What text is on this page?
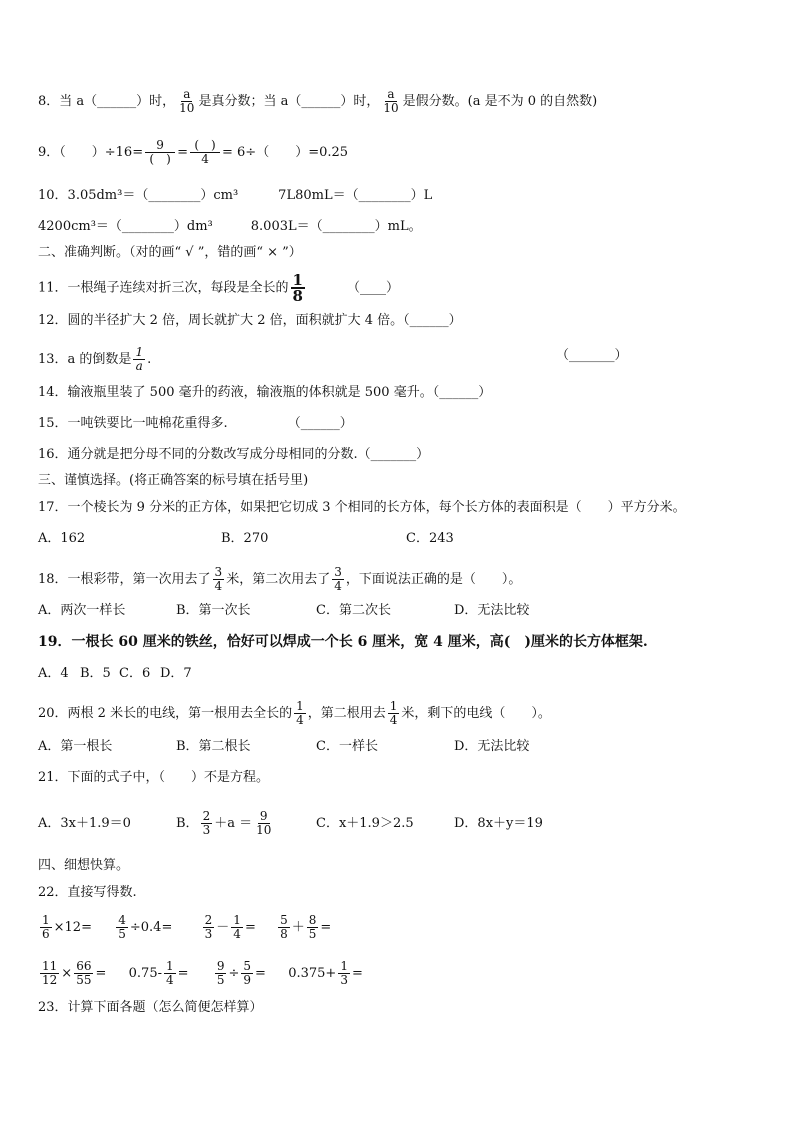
8．当 a（______）时， $\frac{a}{10}$ 是真分数；当 a（______）时， $\frac{a}{10}$ 是假分数。(a 是不为 0 的自然数)
9．（　　）$\div 16= \frac{9}{( )} = \frac{( )}{4} = 6\div$（　　）=0.25
10．3.05dm³＝（________）cm³	7L80mL＝（________）L
4200cm³＝（________）dm³	8.003L＝（________）mL。
二、准确判断。（对的画“ √ ”，错的画“ × ”）
11．一根绳子连续对折三次，每段是全长的 $\frac{1}{8}$	（____）
12．圆的半径扩大 2 倍，周长就扩大 2 倍，面积就扩大 4 倍。（______）
13．a 的倒数是 $\frac{1}{a}$ .	（_______）
14．输液瓶里装了 500 毫升的药液，输液瓶的体积就是 500 毫升。（______）
15．一吨铁要比一吨棉花重得多.	（______）
16．通分就是把分母不同的分数改写成分母相同的分数.（_______）
三、谨慎选择。(将正确答案的标号填在括号里)
17．一个棱长为 9 分米的正方体，如果把它切成 3 个相同的长方体，每个长方体的表面积是（　　）平方分米。
A．162	B．270	C．243
18．一根彩带，第一次用去了 $\frac{3}{4}$ 米，第二次用去了 $\frac{3}{4}$ ，下面说法正确的是（　　）。
A．两次一样长	B．第一次长	C．第二次长	D．无法比较
19．一根长 60 厘米的铁丝，恰好可以焊成一个长 6 厘米，宽 4 厘米，高(　)厘米的长方体框架.
A．4 B．5 C．6 D．7
20．两根 2 米长的电线，第一根用去全长的 $\frac{1}{4}$ ，第二根用去 $\frac{1}{4}$ 米，剩下的电线（　　）。
A．第一根长	B．第二根长	C．一样长	D．无法比较
21．下面的式子中，（　　）不是方程。
A．3x＋1.9＝0	B． $\frac{2}{3} +a = \frac{9}{10}$	C．x＋1.9＞2.5	D．8x＋y＝19
四、细想快算。
22．直接写得数.
$\frac{1}{6} \times 12= \frac{4}{5} \div 0.4=$	$\frac{2}{3} - \frac{1}{4} = \frac{5}{8} + \frac{8}{5}$ =
$\frac{11}{12} \times \frac{66}{55} = 0.75- \frac{1}{4} = \frac{9}{5} \div \frac{5}{9} = 0.375+ \frac{1}{3}$ =
23．计算下面各题（怎么简便怎样算）
